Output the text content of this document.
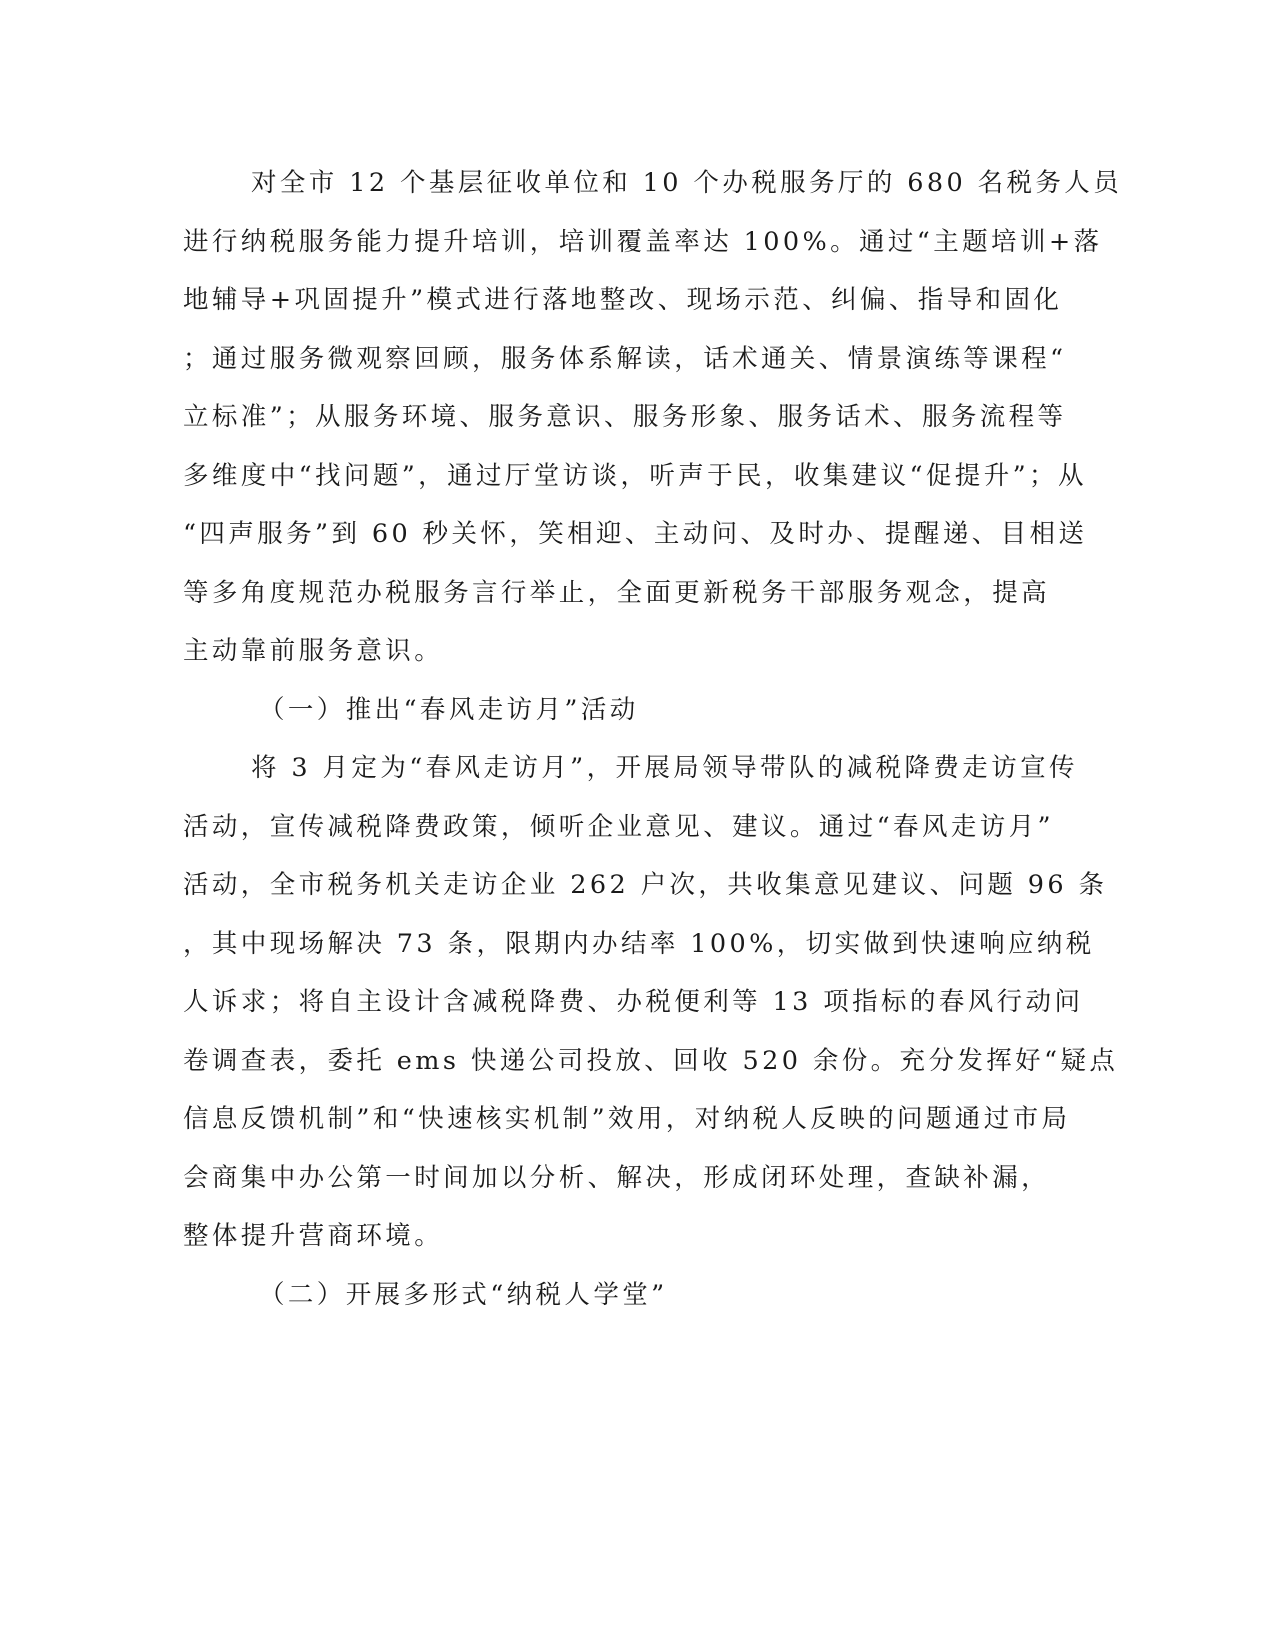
对全市 12 个基层征收单位和 10 个办税服务厅的 680 名税务人员
进行纳税服务能力提升培训，培训覆盖率达 100%。通过“主题培训+落
地辅导+巩固提升”模式进行落地整改、现场示范、纠偏、指导和固化
；通过服务微观察回顾，服务体系解读，话术通关、情景演练等课程“
立标准”；从服务环境、服务意识、服务形象、服务话术、服务流程等
多维度中“找问题”，通过厅堂访谈，听声于民，收集建议“促提升”；从
“四声服务”到 60 秒关怀，笑相迎、主动问、及时办、提醒递、目相送
等多角度规范办税服务言行举止，全面更新税务干部服务观念，提高
主动靠前服务意识。
（一）推出“春风走访月”活动
将 3 月定为“春风走访月”，开展局领导带队的减税降费走访宣传
活动，宣传减税降费政策，倾听企业意见、建议。通过“春风走访月”
活动，全市税务机关走访企业 262 户次，共收集意见建议、问题 96 条
，其中现场解决 73 条，限期内办结率 100%，切实做到快速响应纳税
人诉求；将自主设计含减税降费、办税便利等 13 项指标的春风行动问
卷调查表，委托 ems 快递公司投放、回收 520 余份。充分发挥好“疑点
信息反馈机制”和“快速核实机制”效用，对纳税人反映的问题通过市局
会商集中办公第一时间加以分析、解决，形成闭环处理，查缺补漏，
整体提升营商环境。
（二）开展多形式“纳税人学堂”
